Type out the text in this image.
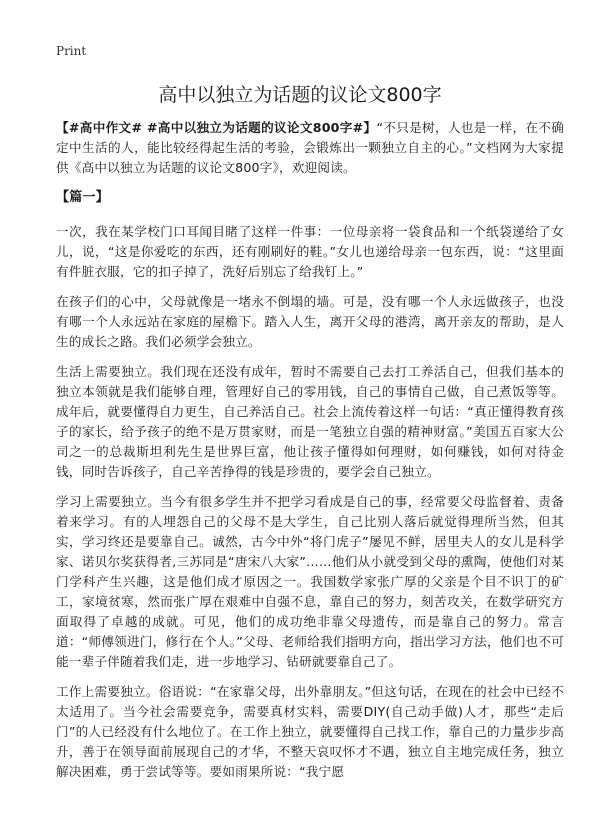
Print
高中以独立为话题的议论文800字

【#高中作文# #高中以独立为话题的议论文800字#】“不只是树，人也是一样，在不确定中生活的人，能比较经得起生活的考验，会锻炼出一颗独立自主的心。”文档网为大家提供《高中以独立为话题的议论文800字》，欢迎阅读。

【篇一】

一次，我在某学校门口耳闻目睹了这样一件事：一位母亲将一袋食品和一个纸袋递给了女儿，说，“这是你爱吃的东西，还有刚刷好的鞋。”女儿也递给母亲一包东西，说：“这里面有件脏衣服，它的扣子掉了，洗好后别忘了给我钉上。”

在孩子们的心中，父母就像是一堵永不倒塌的墙。可是，没有哪一个人永远做孩子，也没有哪一个人永远站在家庭的屋檐下。踏入人生，离开父母的港湾，离开亲友的帮助，是人生的成长之路。我们必须学会独立。

生活上需要独立。我们现在还没有成年，暂时不需要自己去打工养活自己，但我们基本的独立本领就是我们能够自理，管理好自己的零用钱，自己的事情自己做，自己煮饭等等。成年后，就要懂得自力更生，自己养活自己。社会上流传着这样一句话：“真正懂得教育孩子的家长，给予孩子的绝不是万贯家财，而是一笔独立自强的精神财富。”美国五百家大公司之一的总裁斯坦利先生是世界巨富，他让孩子懂得如何理财，如何赚钱，如何对待金钱，同时告诉孩子，自己辛苦挣得的钱是珍贵的，要学会自己独立。

学习上需要独立。当今有很多学生并不把学习看成是自己的事，经常要父母监督着、责备着来学习。有的人埋怨自己的父母不是大学生，自己比别人落后就觉得理所当然，但其实，学习终还是要靠自己。诚然，古今中外“将门虎子”屡见不鲜，居里夫人的女儿是科学家、诺贝尔奖获得者,三苏同是“唐宋八大家”……他们从小就受到父母的熏陶，使他们对某门学科产生兴趣，这是他们成才原因之一。我国数学家张广厚的父亲是个目不识丁的矿工，家境贫寒，然而张广厚在艰难中自强不息，靠自己的努力，刻苦攻关，在数学研究方面取得了卓越的成就。可见，他们的成功绝非靠父母遗传，而是靠自己的努力。常言道：“师傅领进门，修行在个人。”父母、老师给我们指明方向，指出学习方法，他们也不可能一辈子伴随着我们走，进一步地学习、钻研就要靠自己了。

工作上需要独立。俗语说：“在家靠父母，出外靠朋友。”但这句话，在现在的社会中已经不太适用了。当今社会需要竞争，需要真材实料，需要DIY(自己动手做)人才，那些“走后门”的人已经没有什么地位了。在工作上独立，就要懂得自己找工作，靠自己的力量步步高升，善于在领导面前展现自己的才华，不整天哀叹怀才不遇，独立自主地完成任务，独立解决困难，勇于尝试等等。要如雨果所说：“我宁愿
